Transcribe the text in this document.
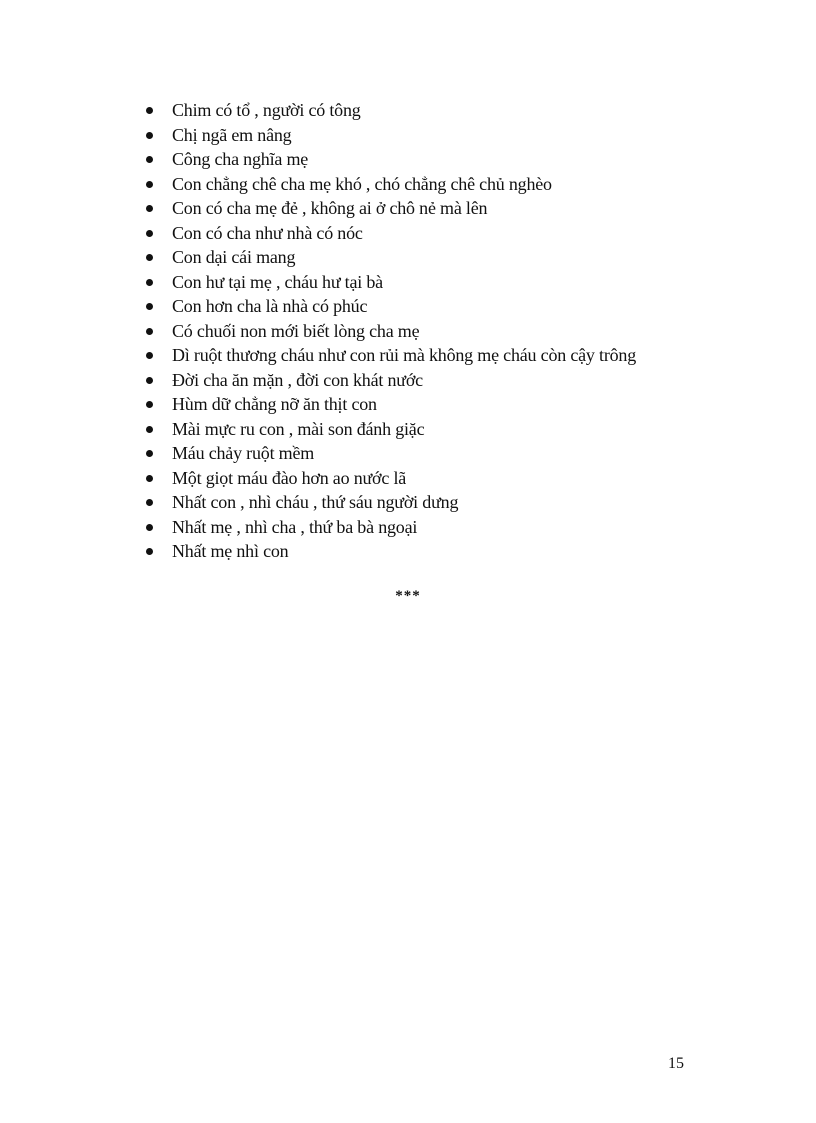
Chim có tổ , người có tông
Chị ngã em nâng
Công cha nghĩa mẹ
Con chẳng chê cha mẹ khó , chó chẳng chê chủ nghèo
Con có cha mẹ đẻ , không ai ở chô nẻ mà lên
Con có cha như nhà có nóc
Con dại cái mang
Con hư tại mẹ , cháu hư tại bà
Con hơn cha là nhà có phúc
Có chuối non mới biết lòng cha mẹ
Dì ruột thương cháu như con rủi mà không mẹ cháu còn cậy trông
Đời cha ăn mặn , đời con khát nước
Hùm dữ chẳng nỡ ăn thịt con
Mài mực ru con , mài son đánh giặc
Máu chảy ruột mềm
Một giọt máu đào hơn ao nước lã
Nhất con , nhì cháu , thứ sáu người dưng
Nhất mẹ , nhì cha , thứ ba bà ngoại
Nhất mẹ nhì con
***
15
